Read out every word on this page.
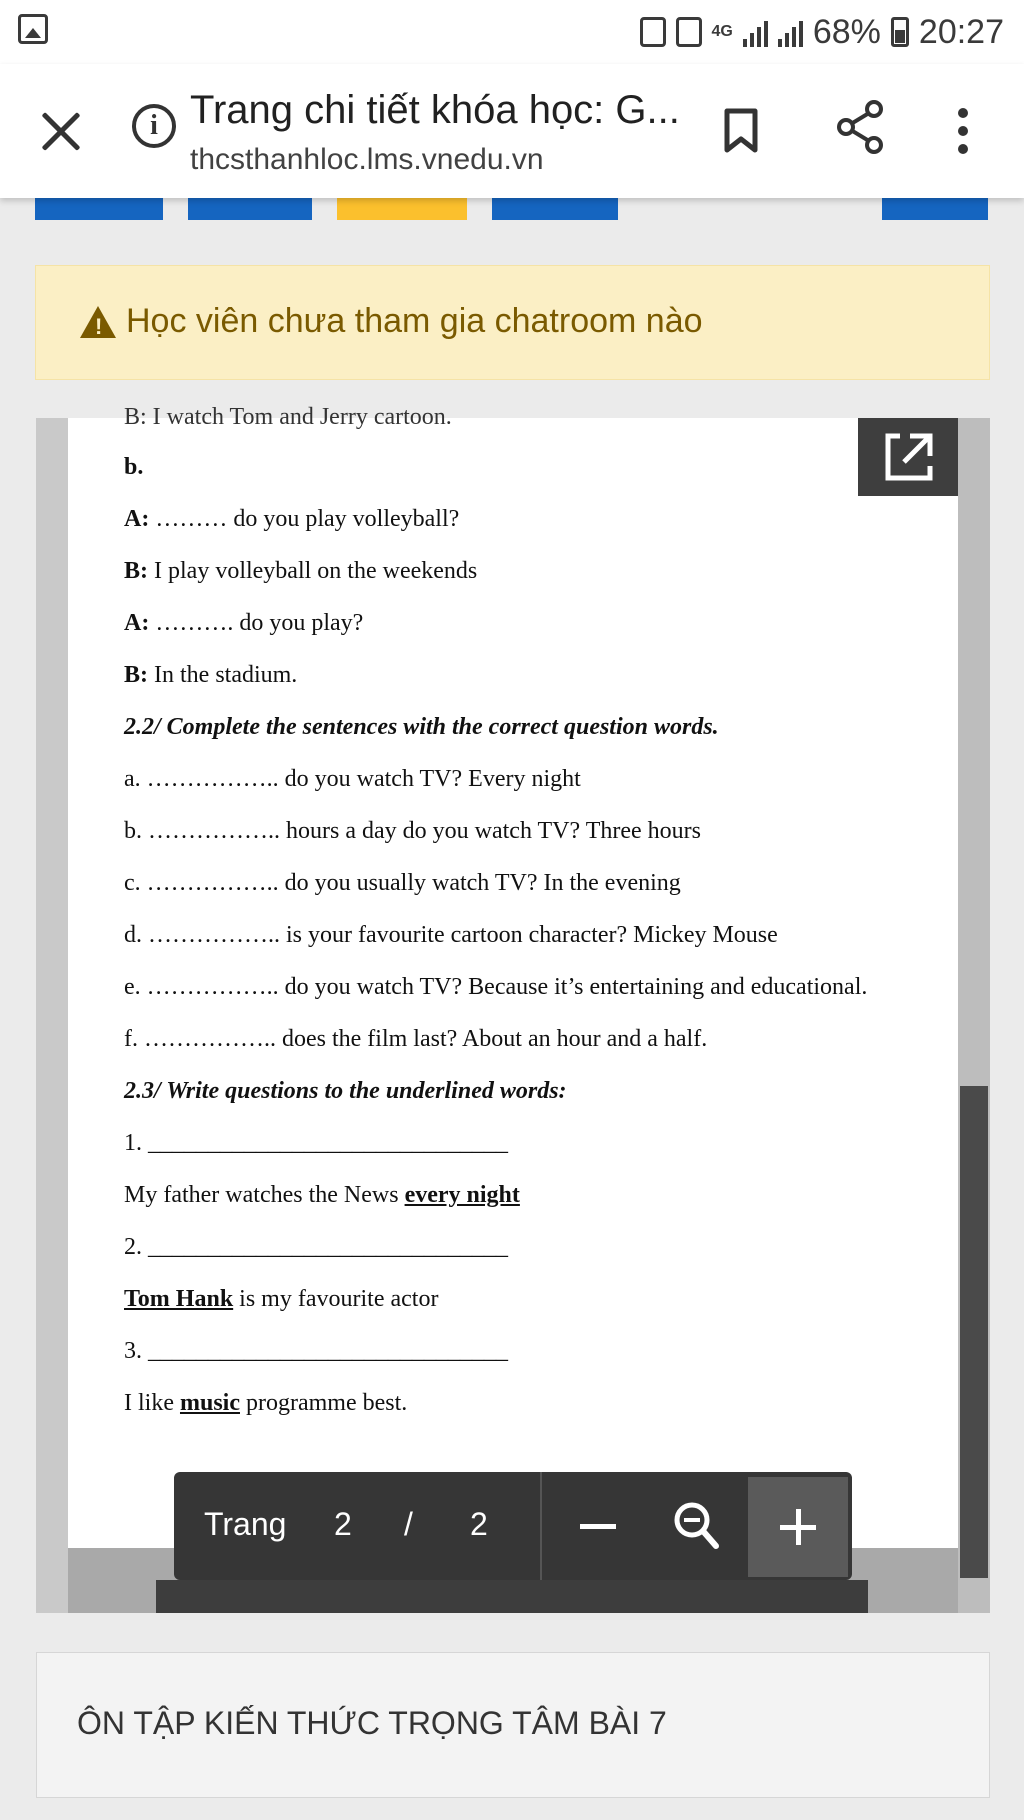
4G 68% 20:27
i Trang chi tiết khóa học: G...
thcsthanhloc.lms.vnedu.vn
! Học viên chưa tham gia chatroom nào
B: I watch Tom and Jerry cartoon.
b.
A: ……… do you play volleyball?
B: I play volleyball on the weekends
A: ………. do you play?
B: In the stadium.
2.2/ Complete the sentences with the correct question words.
a. …………….. do you watch TV? Every night
b. …………….. hours a day do you watch TV? Three hours
c. …………….. do you usually watch TV? In the evening
d. …………….. is your favourite cartoon character? Mickey Mouse
e. …………….. do you watch TV? Because it’s entertaining and educational.
f. …………….. does the film last? About an hour and a half.
2.3/ Write questions to the underlined words:
1. ______________________________
My father watches the News every night
2. ______________________________
Tom Hank is my favourite actor
3. ______________________________
I like music programme best.
Trang 2 / 2
ÔN TẬP KIẾN THỨC TRỌNG TÂM BÀI 7
